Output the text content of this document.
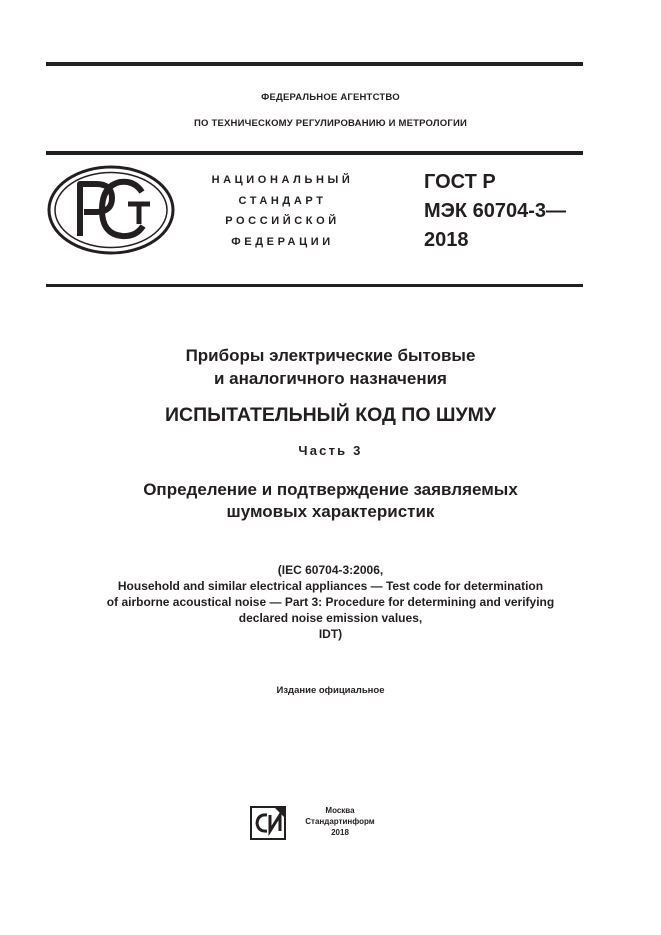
ФЕДЕРАЛЬНОЕ АГЕНТСТВО
ПО ТЕХНИЧЕСКОМУ РЕГУЛИРОВАНИЮ И МЕТРОЛОГИИ
РСТ
НАЦИОНАЛЬНЫЙ
СТАНДАРТ
РОССИЙСКОЙ
ФЕДЕРАЦИИ
ГОСТ Р
МЭК 60704-3—
2018
Приборы электрические бытовые
и аналогичного назначения
ИСПЫТАТЕЛЬНЫЙ КОД ПО ШУМУ
Часть 3
Определение и подтверждение заявляемых
шумовых характеристик
(IEC 60704-3:2006,
Household and similar electrical appliances — Test code for determination
of airborne acoustical noise — Part 3: Procedure for determining and verifying
declared noise emission values,
IDT)
Издание официальное
СИ	Москва
Стандартинформ
2018
